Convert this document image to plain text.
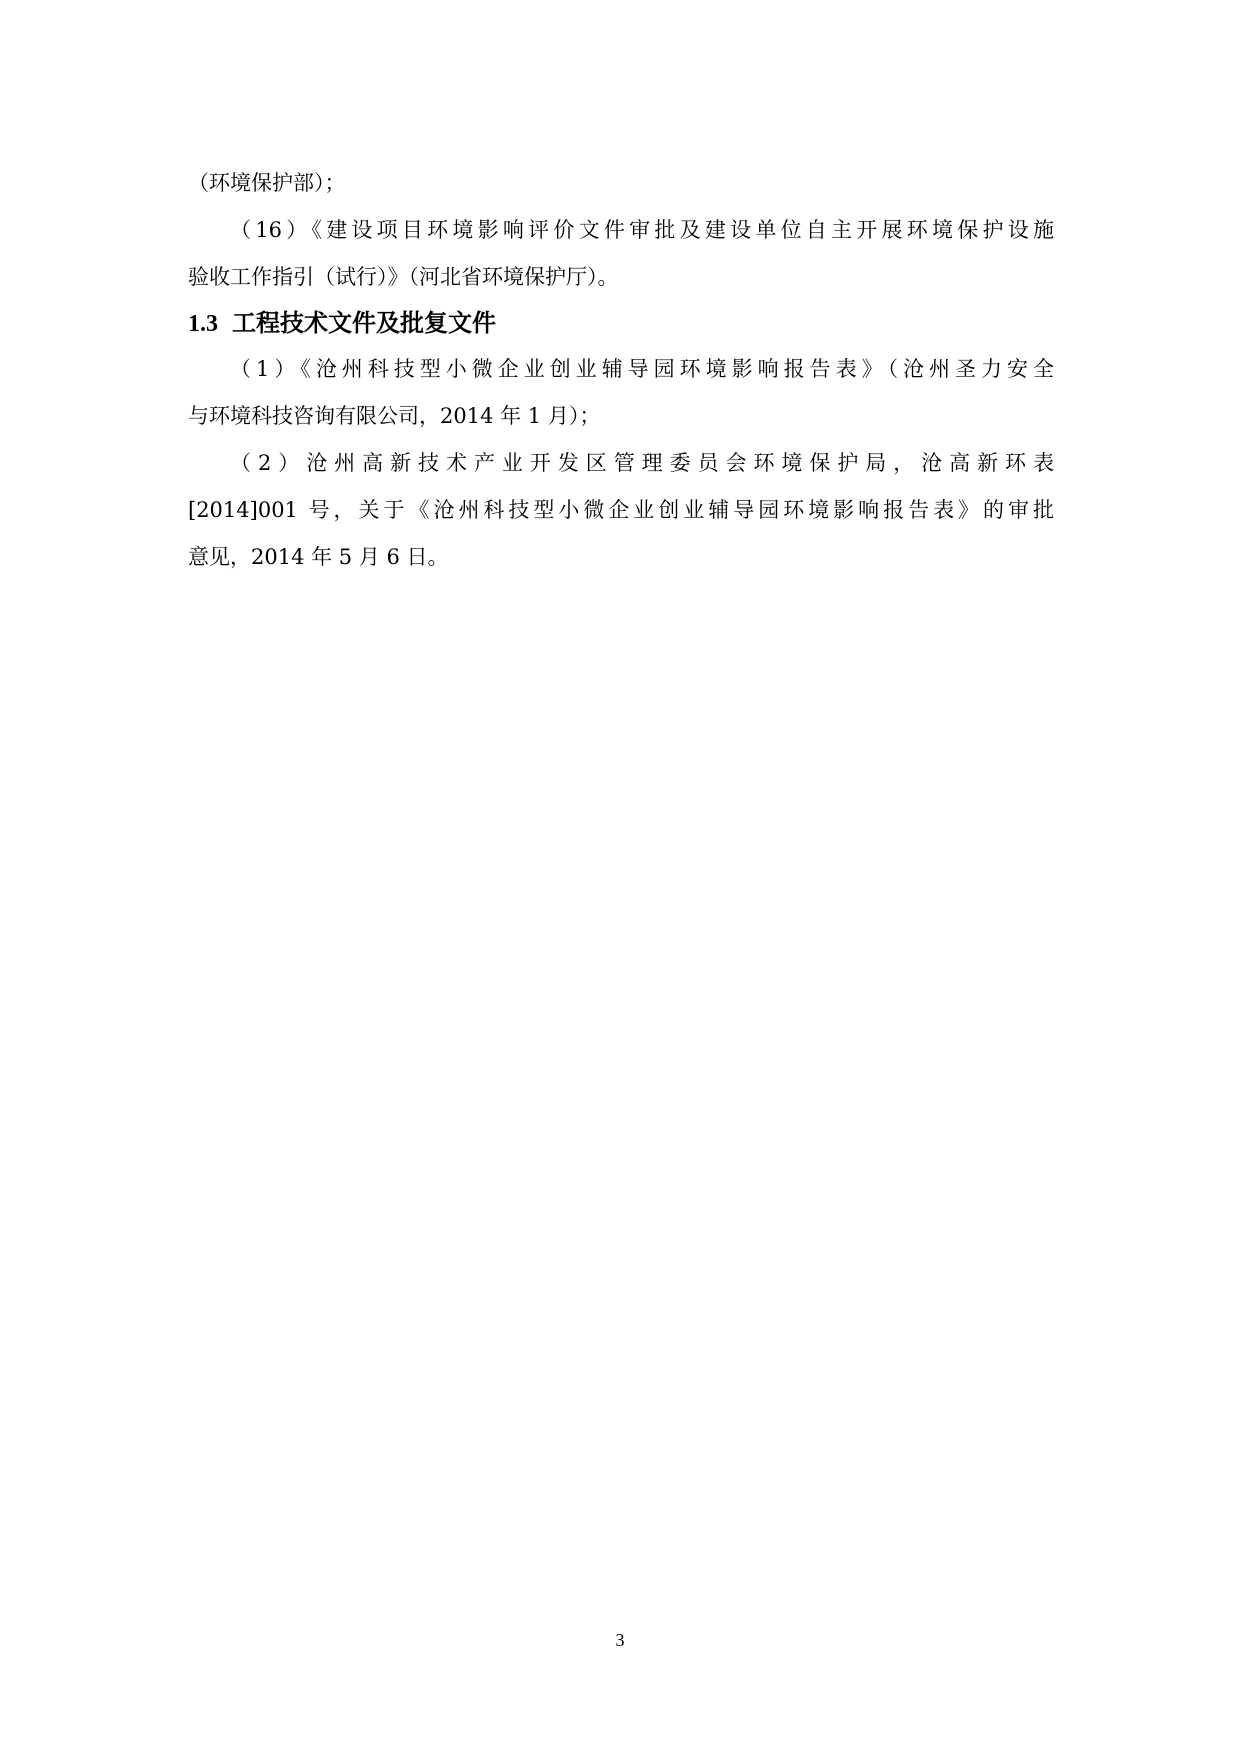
（环境保护部）；

（16）《建设项目环境影响评价文件审批及建设单位自主开展环境保护设施
验收工作指引（试行）》（河北省环境保护厅）。

1.3 工程技术文件及批复文件

（1）《沧州科技型小微企业创业辅导园环境影响报告表》（沧州圣力安全
与环境科技咨询有限公司，2014 年 1 月）；

（2）沧州高新技术产业开发区管理委员会环境保护局，沧高新环表
[2014]001 号，关于《沧州科技型小微企业创业辅导园环境影响报告表》的审批
意见，2014 年 5 月 6 日。

3
